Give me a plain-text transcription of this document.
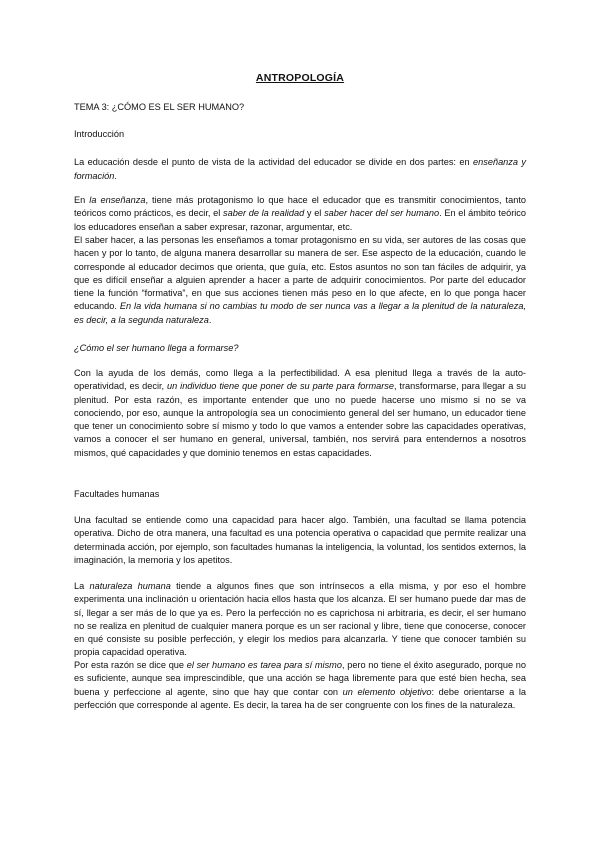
ANTROPOLOGÍA

TEMA 3: ¿CÓMO ES EL SER HUMANO?

Introducción

La educación desde el punto de vista de la actividad del educador se divide en dos partes: en enseñanza y formación.

En la enseñanza, tiene más protagonismo lo que hace el educador que es transmitir conocimientos, tanto teóricos como prácticos, es decir, el saber de la realidad y el saber hacer del ser humano. En el ámbito teórico los educadores enseñan a saber expresar, razonar, argumentar, etc.

El saber hacer, a las personas les enseñamos a tomar protagonismo en su vida, ser autores de las cosas que hacen y por lo tanto, de alguna manera desarrollar su manera de ser. Ese aspecto de la educación, cuando le corresponde al educador decimos que orienta, que guía, etc. Estos asuntos no son tan fáciles de adquirir, ya que es difícil enseñar a alguien aprender a hacer a parte de adquirir conocimientos. Por parte del educador tiene la función “formativa”, en que sus acciones tienen más peso en lo que afecte, en lo que ponga hacer educando. En la vida humana si no cambias tu modo de ser nunca vas a llegar a la plenitud de la naturaleza, es decir, a la segunda naturaleza.

¿Cómo el ser humano llega a formarse?

Con la ayuda de los demás, como llega a la perfectibilidad. A esa plenitud llega a través de la auto-operatividad, es decir, un individuo tiene que poner de su parte para formarse, transformarse, para llegar a su plenitud. Por esta razón, es importante entender que uno no puede hacerse uno mismo si no se va conociendo, por eso, aunque la antropología sea un conocimiento general del ser humano, un educador tiene que tener un conocimiento sobre sí mismo y todo lo que vamos a entender sobre las capacidades operativas, vamos a conocer el ser humano en general, universal, también, nos servirá para entendernos a nosotros mismos, qué capacidades y que dominio tenemos en estas capacidades.

Facultades humanas

Una facultad se entiende como una capacidad para hacer algo. También, una facultad se llama potencia operativa. Dicho de otra manera, una facultad es una potencia operativa o capacidad que permite realizar una determinada acción, por ejemplo, son facultades humanas la inteligencia, la voluntad, los sentidos externos, la imaginación, la memoria y los apetitos.

La naturaleza humana tiende a algunos fines que son intrínsecos a ella misma, y por eso el hombre experimenta una inclinación u orientación hacia ellos hasta que los alcanza. El ser humano puede dar mas de sí, llegar a ser más de lo que ya es. Pero la perfección no es caprichosa ni arbitraria, es decir, el ser humano no se realiza en plenitud de cualquier manera porque es un ser racional y libre, tiene que conocerse, conocer en qué consiste su posible perfección, y elegir los medios para alcanzarla. Y tiene que conocer también su propia capacidad operativa.

Por esta razón se dice que el ser humano es tarea para sí mismo, pero no tiene el éxito asegurado, porque no es suficiente, aunque sea imprescindible, que una acción se haga libremente para que esté bien hecha, sea buena y perfeccione al agente, sino que hay que contar con un elemento objetivo: debe orientarse a la perfección que corresponde al agente. Es decir, la tarea ha de ser congruente con los fines de la naturaleza.
